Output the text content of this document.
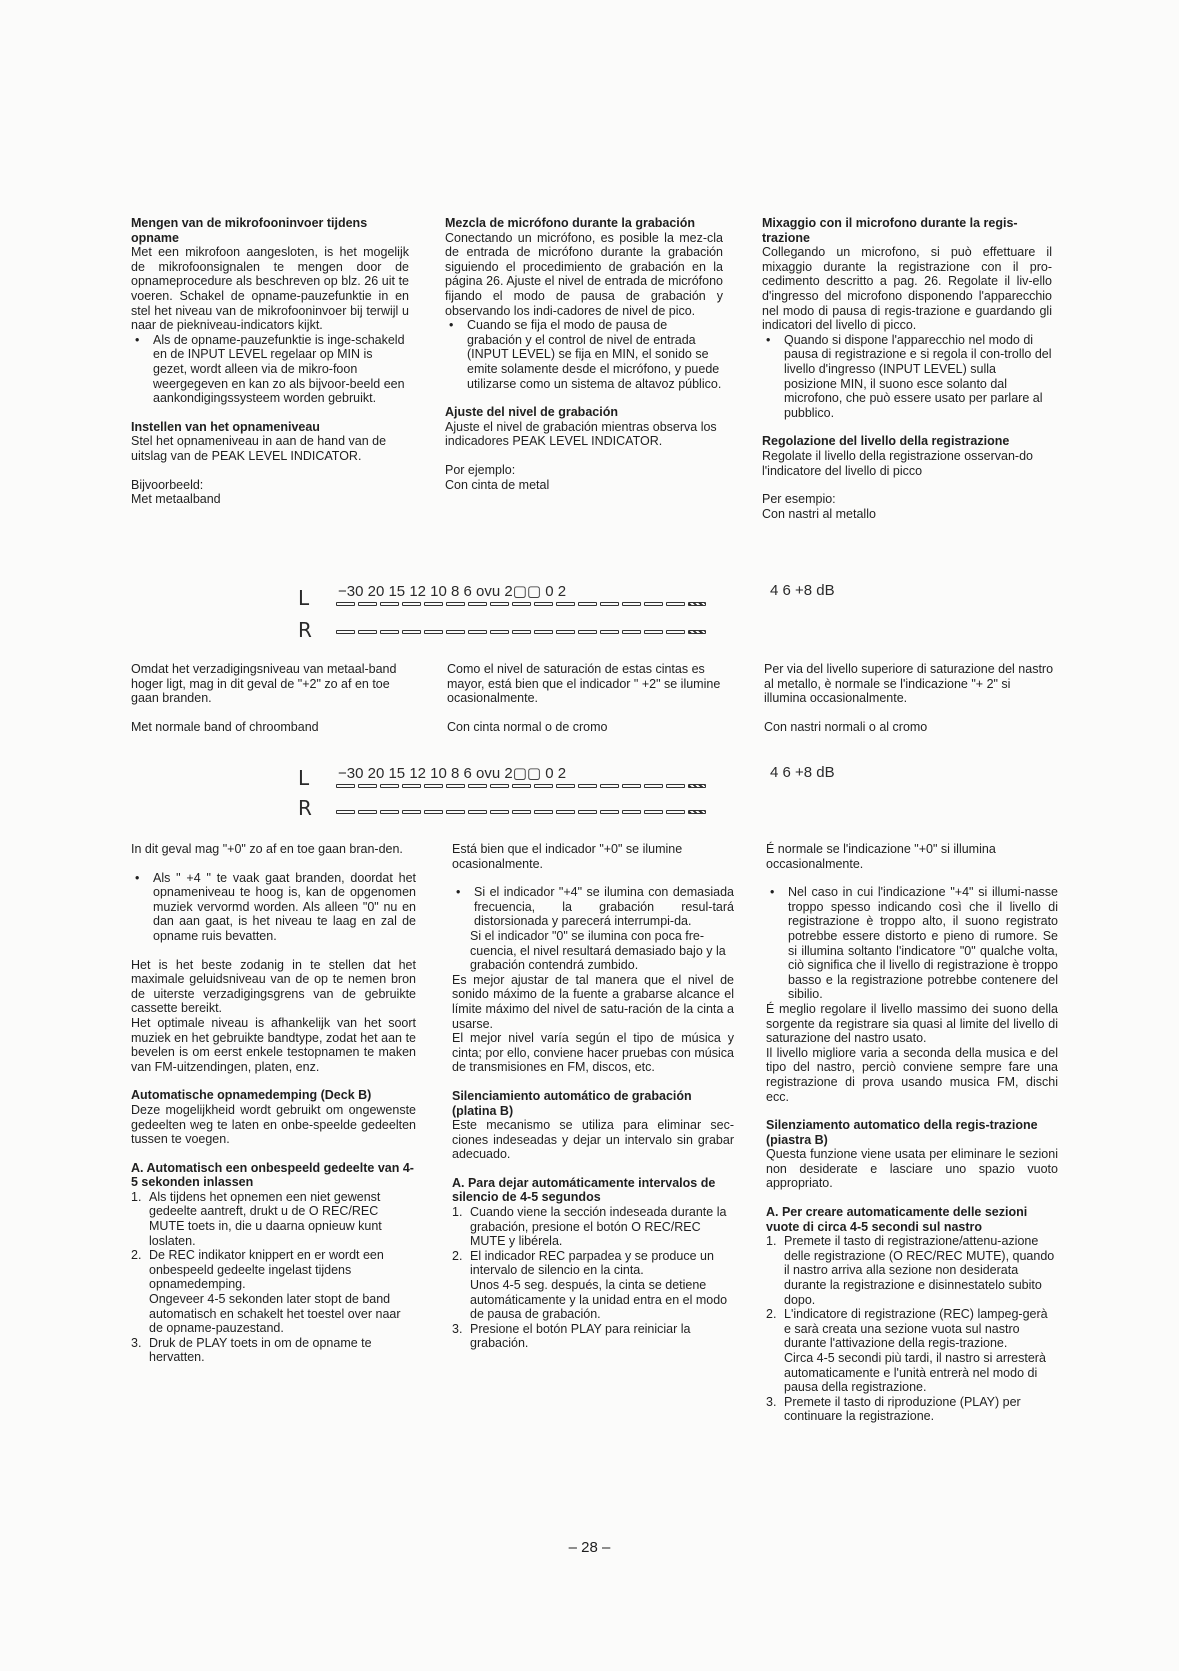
Mengen van de mikrofooninvoer tijdens opname

Met een mikrofoon aangesloten, is het mogelijk de mikrofoonsignalen te mengen door de opnameprocedure als beschreven op blz. 26 uit te voeren. Schakel de opname-pauzefunktie in en stel het niveau van de mikrofooninvoer bij terwijl u naar de piekniveau-indicators kijkt.

• Als de opname-pauzefunktie is inge-schakeld en de INPUT LEVEL regelaar op MIN is gezet, wordt alleen via de mikro-foon weergegeven en kan zo als bijvoor-beeld een aankondigingssysteem worden gebruikt.

Instellen van het opnameniveau

Stel het opnameniveau in aan de hand van de uitslag van de PEAK LEVEL INDICATOR.

Bijvoorbeeld:

Met metaalband

Mezcla de micrófono durante la grabación

Conectando un micrófono, es posible la mez-cla de entrada de micrófono durante la grabación siguiendo el procedimiento de grabación en la página 26. Ajuste el nivel de entrada de micrófono fijando el modo de pausa de grabación y observando los indi-cadores de nivel de pico.

• Cuando se fija el modo de pausa de grabación y el control de nivel de entrada (INPUT LEVEL) se fija en MIN, el sonido se emite solamente desde el micrófono, y puede utilizarse como un sistema de altavoz público.

Ajuste del nivel de grabación

Ajuste el nivel de grabación mientras observa los indicadores PEAK LEVEL INDICATOR.

Por ejemplo:

Con cinta de metal

Mixaggio con il microfono durante la regis-trazione

Collegando un microfono, si può effettuare il mixaggio durante la registrazione con il pro-cedimento descritto a pag. 26. Regolate il liv-ello d'ingresso del microfono disponendo l'apparecchio nel modo di pausa di regis-trazione e guardando gli indicatori del livello di picco.

• Quando si dispone l'apparecchio nel modo di pausa di registrazione e si regola il con-trollo del livello d'ingresso (INPUT LEVEL) sulla posizione MIN, il suono esce solanto dal microfono, che può essere usato per parlare al pubblico.

Regolazione del livello della registrazione

Regolate il livello della registrazione osservan-do l'indicatore del livello di picco

Per esempio:

Con nastri al metallo

L −30 20 15 12 10 8 6 ovu 2▢▢ 0 2	4 6 +8 dB
R

Omdat het verzadigingsniveau van metaal-band hoger ligt, mag in dit geval de "+2" zo af en toe gaan branden.

Met normale band of chroomband

Como el nivel de saturación de estas cintas es mayor, está bien que el indicador " +2" se ilumine ocasionalmente.

Con cinta normal o de cromo

Per via del livello superiore di saturazione del nastro al metallo, è normale se l'indicazione "+ 2" si illumina occasionalmente.

Con nastri normali o al cromo

L −30 20 15 12 10 8 6 ovu 2▢▢ 0 2	4 6 +8 dB
R

In dit geval mag "+0" zo af en toe gaan bran-den.

• Als " +4 " te vaak gaat branden, doordat het opnameniveau te hoog is, kan de opgenomen muziek vervormd worden. Als alleen "0" nu en dan aan gaat, is het niveau te laag en zal de opname ruis bevatten.

Het is het beste zodanig in te stellen dat het maximale geluidsniveau van de op te nemen bron de uiterste verzadigingsgrens van de gebruikte cassette bereikt.

Het optimale niveau is afhankelijk van het soort muziek en het gebruikte bandtype, zodat het aan te bevelen is om eerst enkele testopnamen te maken van FM-uitzendingen, platen, enz.

Automatische opnamedemping (Deck B)

Deze mogelijkheid wordt gebruikt om ongewenste gedeelten weg te laten en onbe-speelde gedeelten tussen te voegen.

A. Automatisch een onbespeeld gedeelte van 4-5 sekonden inlassen

1. Als tijdens het opnemen een niet gewenst gedeelte aantreft, drukt u de O REC/REC MUTE toets in, die u daarna opnieuw kunt loslaten.

2. De REC indikator knippert en er wordt een onbespeeld gedeelte ingelast tijdens opnamedemping.

Ongeveer 4-5 sekonden later stopt de band automatisch en schakelt het toestel over naar de opname-pauzestand.

3. Druk de PLAY toets in om de opname te hervatten.

Está bien que el indicador "+0" se ilumine ocasionalmente.

• Si el indicador "+4" se ilumina con demasiada frecuencia, la grabación resul-tará distorsionada y parecerá interrumpi-da.

Si el indicador "0" se ilumina con poca fre-cuencia, el nivel resultará demasiado bajo y la grabación contendrá zumbido.

Es mejor ajustar de tal manera que el nivel de sonido máximo de la fuente a grabarse alcance el límite máximo del nivel de satu-ración de la cinta a usarse.

El mejor nivel varía según el tipo de música y cinta; por ello, conviene hacer pruebas con música de transmisiones en FM, discos, etc.

Silenciamiento automático de grabación (platina B)

Este mecanismo se utiliza para eliminar sec-ciones indeseadas y dejar un intervalo sin grabar adecuado.

A. Para dejar automáticamente intervalos de silencio de 4-5 segundos

1. Cuando viene la sección indeseada durante la grabación, presione el botón O REC/REC MUTE y libérela.

2. El indicador REC parpadea y se produce un intervalo de silencio en la cinta.

Unos 4-5 seg. después, la cinta se detiene automáticamente y la unidad entra en el modo de pausa de grabación.

3. Presione el botón PLAY para reiniciar la grabación.

É normale se l'indicazione "+0" si illumina occasionalmente.

• Nel caso in cui l'indicazione "+4" si illumi-nasse troppo spesso indicando così che il livello di registrazione è troppo alto, il suono registrato potrebbe essere distorto e pieno di rumore. Se si illumina soltanto l'indicatore "0" qualche volta, ciò significa che il livello di registrazione è troppo basso e la registrazione potrebbe contenere del sibilio.

É meglio regolare il livello massimo dei suono della sorgente da registrare sia quasi al limite del livello di saturazione del nastro usato.

Il livello migliore varia a seconda della musica e del tipo del nastro, perciò conviene sempre fare una registrazione di prova usando musica FM, dischi ecc.

Silenziamento automatico della regis-trazione (piastra B)

Questa funzione viene usata per eliminare le sezioni non desiderate e lasciare uno spazio vuoto appropriato.

A. Per creare automaticamente delle sezioni vuote di circa 4-5 secondi sul nastro

1. Premete il tasto di registrazione/attenu-azione delle registrazione (O REC/REC MUTE), quando il nastro arriva alla sezione non desiderata durante la registrazione e disinnestatelo subito dopo.

2. L'indicatore di registrazione (REC) lampeg-gerà e sarà creata una sezione vuota sul nastro durante l'attivazione della regis-trazione.

Circa 4-5 secondi più tardi, il nastro si arresterà automaticamente e l'unità entrerà nel modo di pausa della registrazione.

3. Premete il tasto di riproduzione (PLAY) per continuare la registrazione.

– 28 –
